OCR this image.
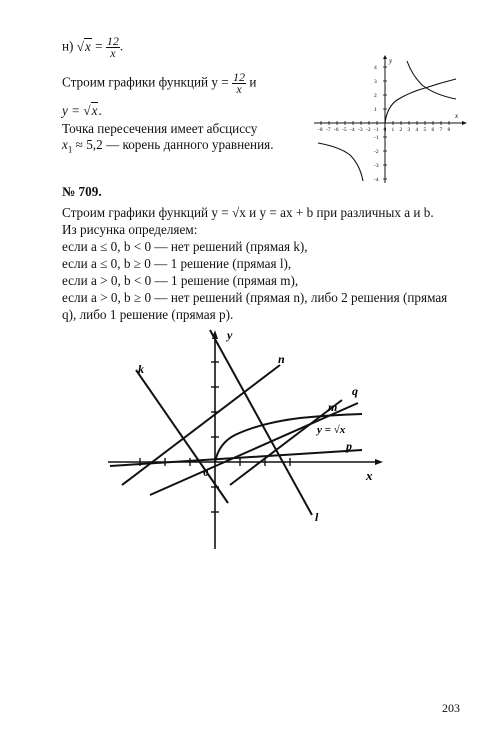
н) $√x = \frac{12}{x}$ .
Строим графики функций $y = \frac{12}{x}$ и
y = √x.
Точка пересечения имеет абсциссу
$x_1 \approx 5,2$ — корень данного уравнения.
x
y
-8 -7 -6 -5 -4 -3 -2 -1 0 1 2 3 4 5 6 7 8
4
3
2
1
-1
-2
-3
-4
№ 709.
Строим графики функций y = √x и y = ax + b при различных a и b.
Из рисунка определяем:
если a ≤ 0, b < 0 — нет решений (прямая k),
если a ≤ 0, b ≥ 0 — 1 решение (прямая l),
если a > 0, b < 0 — 1 решение (прямая m),
если a > 0, b ≥ 0 — нет решений (прямая n), либо 2 решения (прямая
q), либо 1 решение (прямая p).
y
x
0
k
n
m
q
p
l
y = √x
203
